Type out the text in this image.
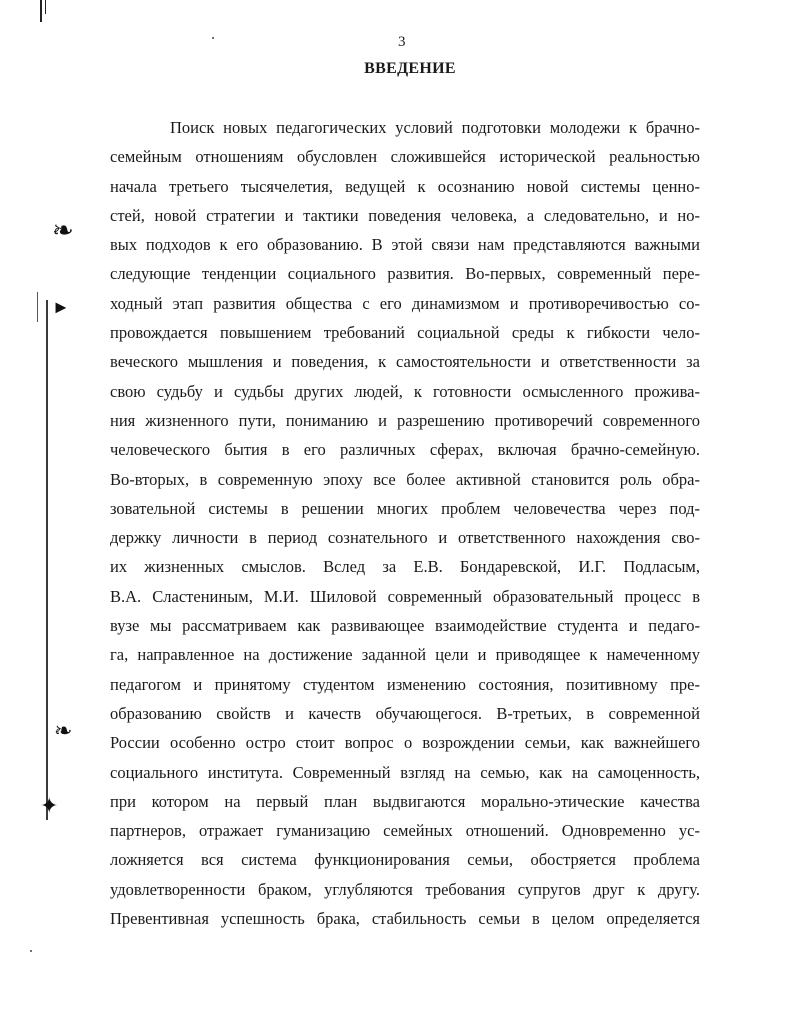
❧
►
❧
✦
3
ВВЕДЕНИЕ
Поиск новых педагогических условий подготовки молодежи к брачно-
семейным отношениям обусловлен сложившейся исторической реальностью
начала третьего тысячелетия, ведущей к осознанию новой системы ценно-
стей, новой стратегии и тактики поведения человека, а следовательно, и но-
вых подходов к его образованию. В этой связи нам представляются важными
следующие тенденции социального развития. Во-первых, современный пере-
ходный этап развития общества с его динамизмом и противоречивостью со-
провождается повышением требований социальной среды к гибкости чело-
веческого мышления и поведения, к самостоятельности и ответственности за
свою судьбу и судьбы других людей, к готовности осмысленного прожива-
ния жизненного пути, пониманию и разрешению противоречий современного
человеческого бытия в его различных сферах, включая брачно-семейную.
Во-вторых, в современную эпоху все более активной становится роль обра-
зовательной системы в решении многих проблем человечества через под-
держку личности в период сознательного и ответственного нахождения сво-
их жизненных смыслов. Вслед за Е.В. Бондаревской, И.Г. Подласым,
В.А. Сластениным, М.И. Шиловой современный образовательный процесс в
вузе мы рассматриваем как развивающее взаимодействие студента и педаго-
га, направленное на достижение заданной цели и приводящее к намеченному
педагогом и принятому студентом изменению состояния, позитивному пре-
образованию свойств и качеств обучающегося. В-третьих, в современной
России особенно остро стоит вопрос о возрождении семьи, как важнейшего
социального института. Современный взгляд на семью, как на самоценность,
при котором на первый план выдвигаются морально-этические качества
партнеров, отражает гуманизацию семейных отношений. Одновременно ус-
ложняется вся система функционирования семьи, обостряется проблема
удовлетворенности браком, углубляются требования супругов друг к другу.
Превентивная успешность брака, стабильность семьи в целом определяется
